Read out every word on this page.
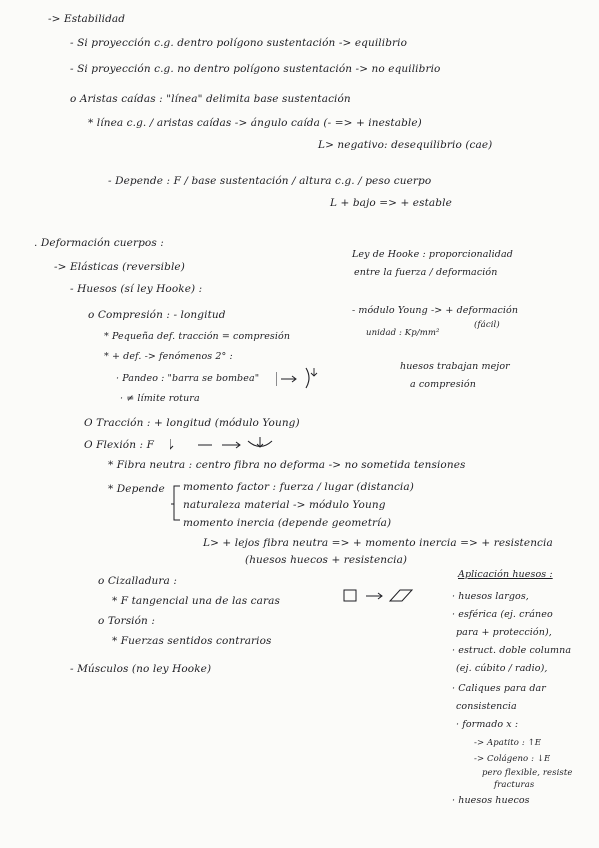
-> Estabilidad
- Si proyección c.g. dentro polígono sustentación -> equilibrio
- Si proyección c.g. no dentro polígono sustentación -> no equilibrio
o Aristas caídas : "línea" delimita base sustentación
* línea c.g. / aristas caídas -> ángulo caída (- => + inestable)
L> negativo: desequilibrio (cae)
- Depende : F / base sustentación / altura c.g. / peso cuerpo
L + bajo => + estable
. Deformación cuerpos :
-> Elásticas (reversible)
- Huesos (sí ley Hooke) :
o Compresión : - longitud
* Pequeña def. tracción = compresión
* + def. -> fenómenos 2° :
· Pandeo : "barra se bombea"
· ≠ límite rotura
O Tracción : + longitud (módulo Young)
O Flexión : F
* Fibra neutra : centro fibra no deforma -> no sometida tensiones
* Depende momento factor : fuerza / lugar (distancia)
naturaleza material -> módulo Young
momento inercia (depende geometría)
L> + lejos fibra neutra => + momento inercia => + resistencia
(huesos huecos + resistencia)
o Cizalladura :
* F tangencial una de las caras
o Torsión :
* Fuerzas sentidos contrarios
- Músculos (no ley Hooke)
Ley de Hooke : proporcionalidad
entre la fuerza / deformación
- módulo Young -> + deformación
(fácil)
unidad : Kp/mm²
huesos trabajan mejor
a compresión
Aplicación huesos :
· huesos largos,
· esférica (ej. cráneo
para + protección),
· estruct. doble columna
(ej. cúbito / radio),
· Caliques para dar
consistencia
· formado x :
-> Apatito : ↑E
-> Colágeno : ↓E
pero flexible, resiste
fracturas
· huesos huecos
